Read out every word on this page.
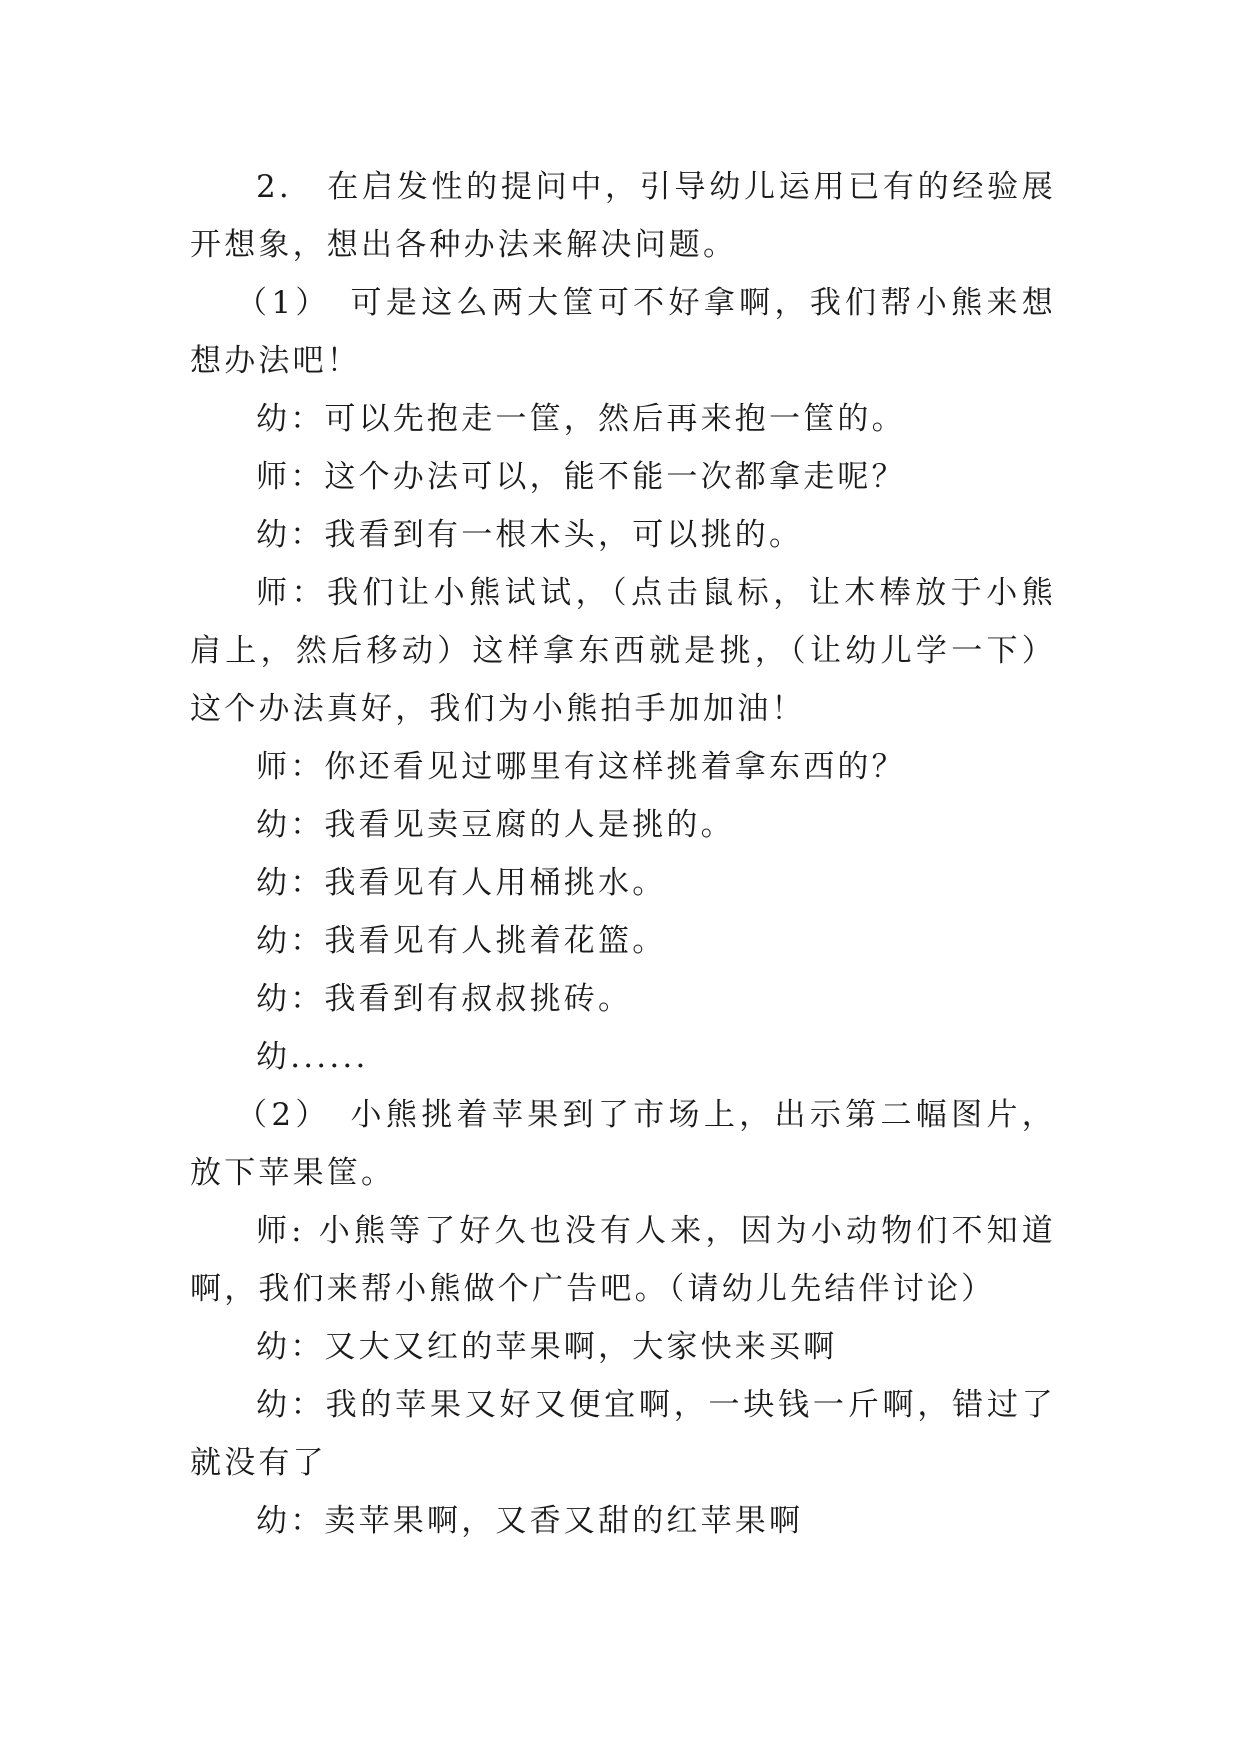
2.　在启发性的提问中，引导幼儿运用已有的经验展开想象，想出各种办法来解决问题。

（1）　可是这么两大筐可不好拿啊，我们帮小熊来想想办法吧！

幼：可以先抱走一筐，然后再来抱一筐的。

师：这个办法可以，能不能一次都拿走呢？

幼：我看到有一根木头，可以挑的。

师：我们让小熊试试，（点击鼠标，让木棒放于小熊肩上，然后移动）这样拿东西就是挑，（让幼儿学一下）这个办法真好，我们为小熊拍手加加油！

师：你还看见过哪里有这样挑着拿东西的？

幼：我看见卖豆腐的人是挑的。

幼：我看见有人用桶挑水。

幼：我看见有人挑着花篮。

幼：我看到有叔叔挑砖。

幼......

（2）　小熊挑着苹果到了市场上，出示第二幅图片，放下苹果筐。

师: 小熊等了好久也没有人来，因为小动物们不知道啊，我们来帮小熊做个广告吧。（请幼儿先结伴讨论）

幼：又大又红的苹果啊，大家快来买啊

幼：我的苹果又好又便宜啊，一块钱一斤啊，错过了就没有了

幼：卖苹果啊，又香又甜的红苹果啊
